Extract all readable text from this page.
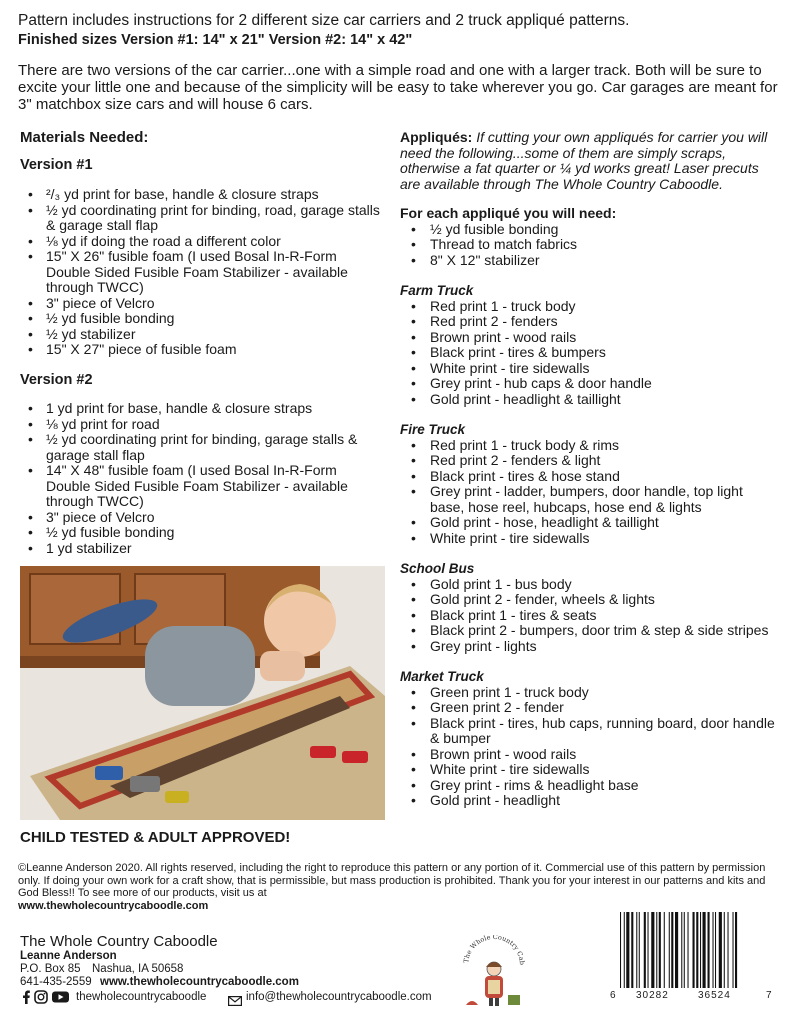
Pattern includes instructions for 2 different size car carriers and 2 truck appliqué patterns.
Finished sizes Version #1: 14" x 21" Version #2: 14" x 42"
There are two versions of the car carrier...one with a simple road and one with a larger track. Both will be sure to excite your little one and because of the simplicity will be easy to take wherever you go. Car garages are meant for 3" matchbox size cars and will house 6 cars.
Materials Needed:
Version #1
• ²/₃ yd print for base, handle & closure straps
• ½ yd coordinating print for binding, road, garage stalls & garage stall flap
• ⅛ yd if doing the road a different color
• 15" X 26" fusible foam (I used Bosal In-R-Form Double Sided Fusible Foam Stabilizer - available through TWCC)
• 3" piece of Velcro
• ½ yd fusible bonding
• ½ yd stabilizer
• 15" X 27" piece of fusible foam
Version #2
• 1 yd print for base, handle & closure straps
• ⅛ yd print for road
• ½ yd coordinating print for binding, garage stalls & garage stall flap
• 14" X 48" fusible foam (I used Bosal In-R-Form Double Sided Fusible Foam Stabilizer - available through TWCC)
• 3" piece of Velcro
• ½ yd fusible bonding
• 1 yd stabilizer
Appliqués: If cutting your own appliqués for carrier you will need the following...some of them are simply scraps, otherwise a fat quarter or ¼ yd works great! Laser precuts are available through The Whole Country Caboodle.
For each appliqué you will need:
• ½ yd fusible bonding
• Thread to match fabrics
• 8" X 12" stabilizer
Farm Truck
• Red print 1 - truck body
• Red print 2 - fenders
• Brown print - wood rails
• Black print - tires & bumpers
• White print - tire sidewalls
• Grey print - hub caps & door handle
• Gold print - headlight & taillight
Fire Truck
• Red print 1 - truck body & rims
• Red print 2 - fenders & light
• Black print - tires & hose stand
• Grey print - ladder, bumpers, door handle, top light base, hose reel, hubcaps, hose end & lights
• Gold print - hose, headlight & taillight
• White print - tire sidewalls
School Bus
• Gold print 1 - bus body
• Gold print 2 - fender, wheels & lights
• Black print 1 - tires & seats
• Black print 2 - bumpers, door trim & step & side stripes
• Grey print - lights
Market Truck
• Green print 1 - truck body
• Green print 2 - fender
• Black print - tires, hub caps, running board, door handle & bumper
• Brown print - wood rails
• White print - tire sidewalls
• Grey print - rims & headlight base
• Gold print - headlight
CHILD TESTED & ADULT APPROVED!
©Leanne Anderson 2020. All rights reserved, including the right to reproduce this pattern or any portion of it. Commercial use of this pattern by permission only. If doing your own work for a craft show, that is permissible, but mass production is prohibited. Thank you for your interest in our patterns and kits and God Bless!! To see more of our products, visit us at
www.thewholecountrycaboodle.com
The Whole Country Caboodle
Leanne Anderson
P.O. Box 85 Nashua, IA 50658
641-435-2559 www.thewholecountrycaboodle.com
thewholecountrycaboodle	info@thewholecountrycaboodle.com
The Whole Country Cab
6 30282	36524	7
